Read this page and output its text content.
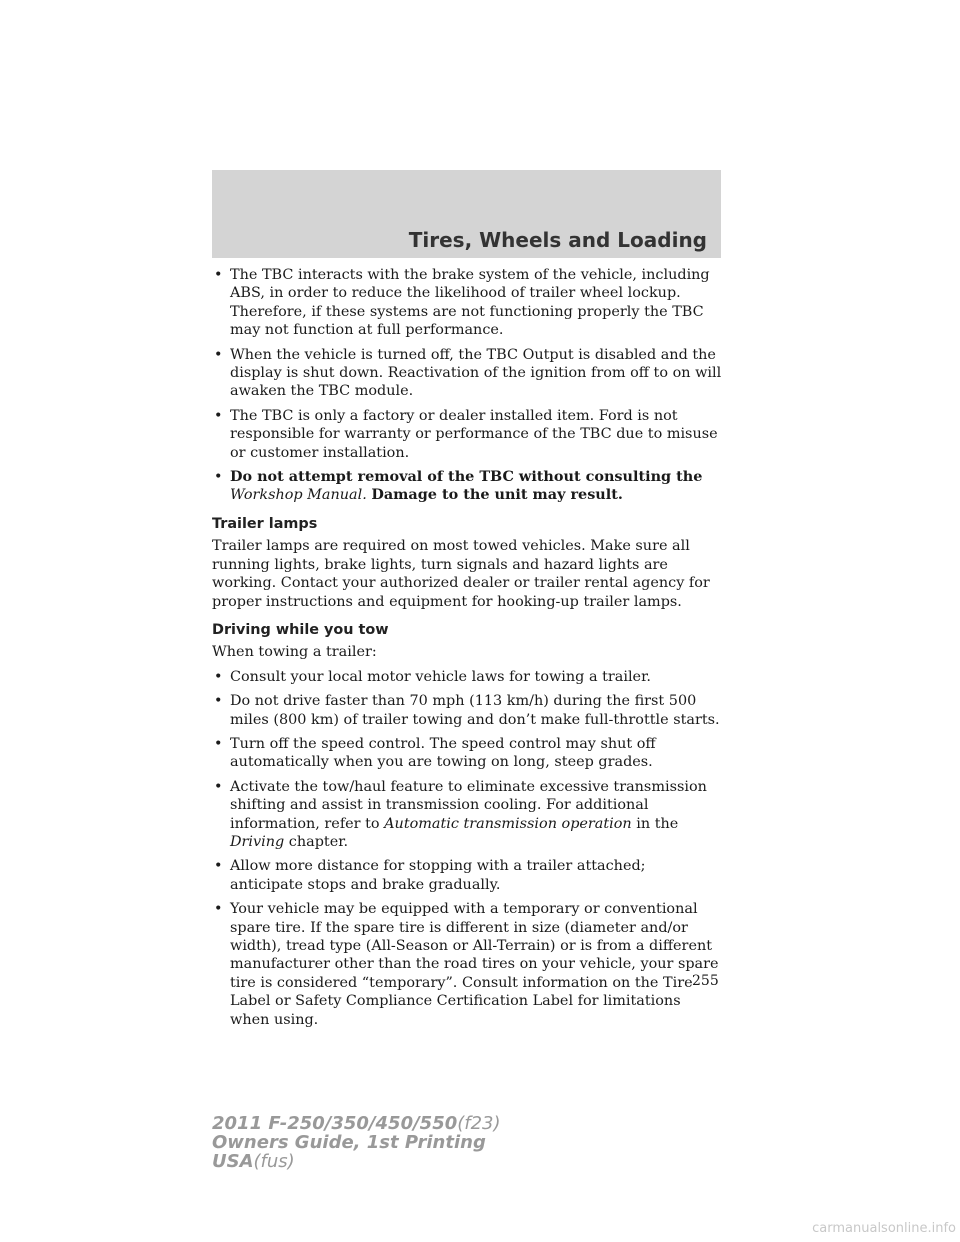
Tires, Wheels and Loading
• The TBC interacts with the brake system of the vehicle, including ABS, in order to reduce the likelihood of trailer wheel lockup. Therefore, if these systems are not functioning properly the TBC may not function at full performance.
• When the vehicle is turned off, the TBC Output is disabled and the display is shut down. Reactivation of the ignition from off to on will awaken the TBC module.
• The TBC is only a factory or dealer installed item. Ford is not responsible for warranty or performance of the TBC due to misuse or customer installation.
• Do not attempt removal of the TBC without consulting the Workshop Manual. Damage to the unit may result.
Trailer lamps
Trailer lamps are required on most towed vehicles. Make sure all running lights, brake lights, turn signals and hazard lights are working. Contact your authorized dealer or trailer rental agency for proper instructions and equipment for hooking-up trailer lamps.
Driving while you tow
When towing a trailer:
• Consult your local motor vehicle laws for towing a trailer.
• Do not drive faster than 70 mph (113 km/h) during the first 500 miles (800 km) of trailer towing and don’t make full-throttle starts.
• Turn off the speed control. The speed control may shut off automatically when you are towing on long, steep grades.
• Activate the tow/haul feature to eliminate excessive transmission shifting and assist in transmission cooling. For additional information, refer to Automatic transmission operation in the Driving chapter.
• Allow more distance for stopping with a trailer attached; anticipate stops and brake gradually.
• Your vehicle may be equipped with a temporary or conventional spare tire. If the spare tire is different in size (diameter and/or width), tread type (All-Season or All-Terrain) or is from a different manufacturer other than the road tires on your vehicle, your spare tire is considered “temporary”. Consult information on the Tire Label or Safety Compliance Certification Label for limitations when using.
255
2011 F-250/350/450/550(f23)
Owners Guide, 1st Printing
USA(fus)
carmanualsonline.info
